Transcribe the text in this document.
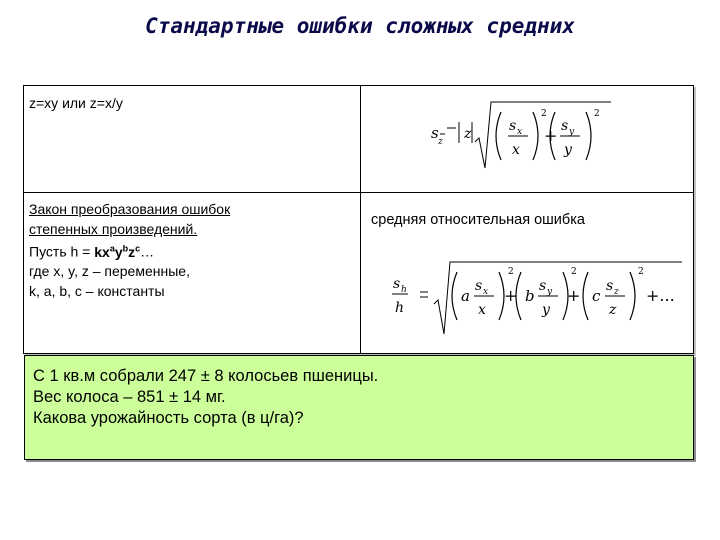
Стандартные ошибки сложных средних
z=xy или z=x/y
Закон преобразования ошибок
степенных произведений.
Пусть $h = kx^ay^bz^c\dots$
где x, y, z – переменные,
k, a, b, c – константы
средняя относительная ошибка
s z z	s x
x
2
+ s y
y
2
s h
h
a
s x
x
2
+ b
s y
y
2
+ c
s z
z
2
+...
С 1 кв.м собрали 247 ± 8 колосьев пшеницы.
Вес колоса – 851 ± 14 мг.
Какова урожайность сорта (в ц/га)?
